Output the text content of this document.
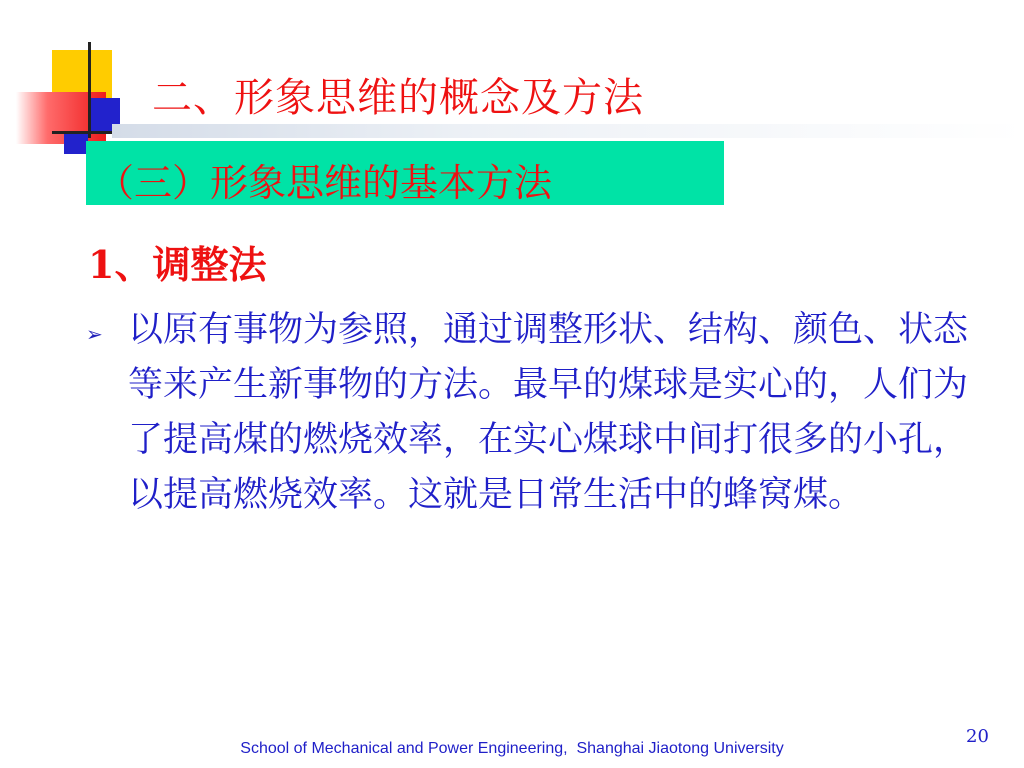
二、形象思维的概念及方法
（三）形象思维的基本方法
1、调整法
➢ 以原有事物为参照，通过调整形状、结构、颜色、状态等来产生新事物的方法。最早的煤球是实心的，人们为了提高煤的燃烧效率，在实心煤球中间打很多的小孔，以提高燃烧效率。这就是日常生活中的蜂窝煤。

20
School of Mechanical and Power Engineering,  Shanghai Jiaotong University
